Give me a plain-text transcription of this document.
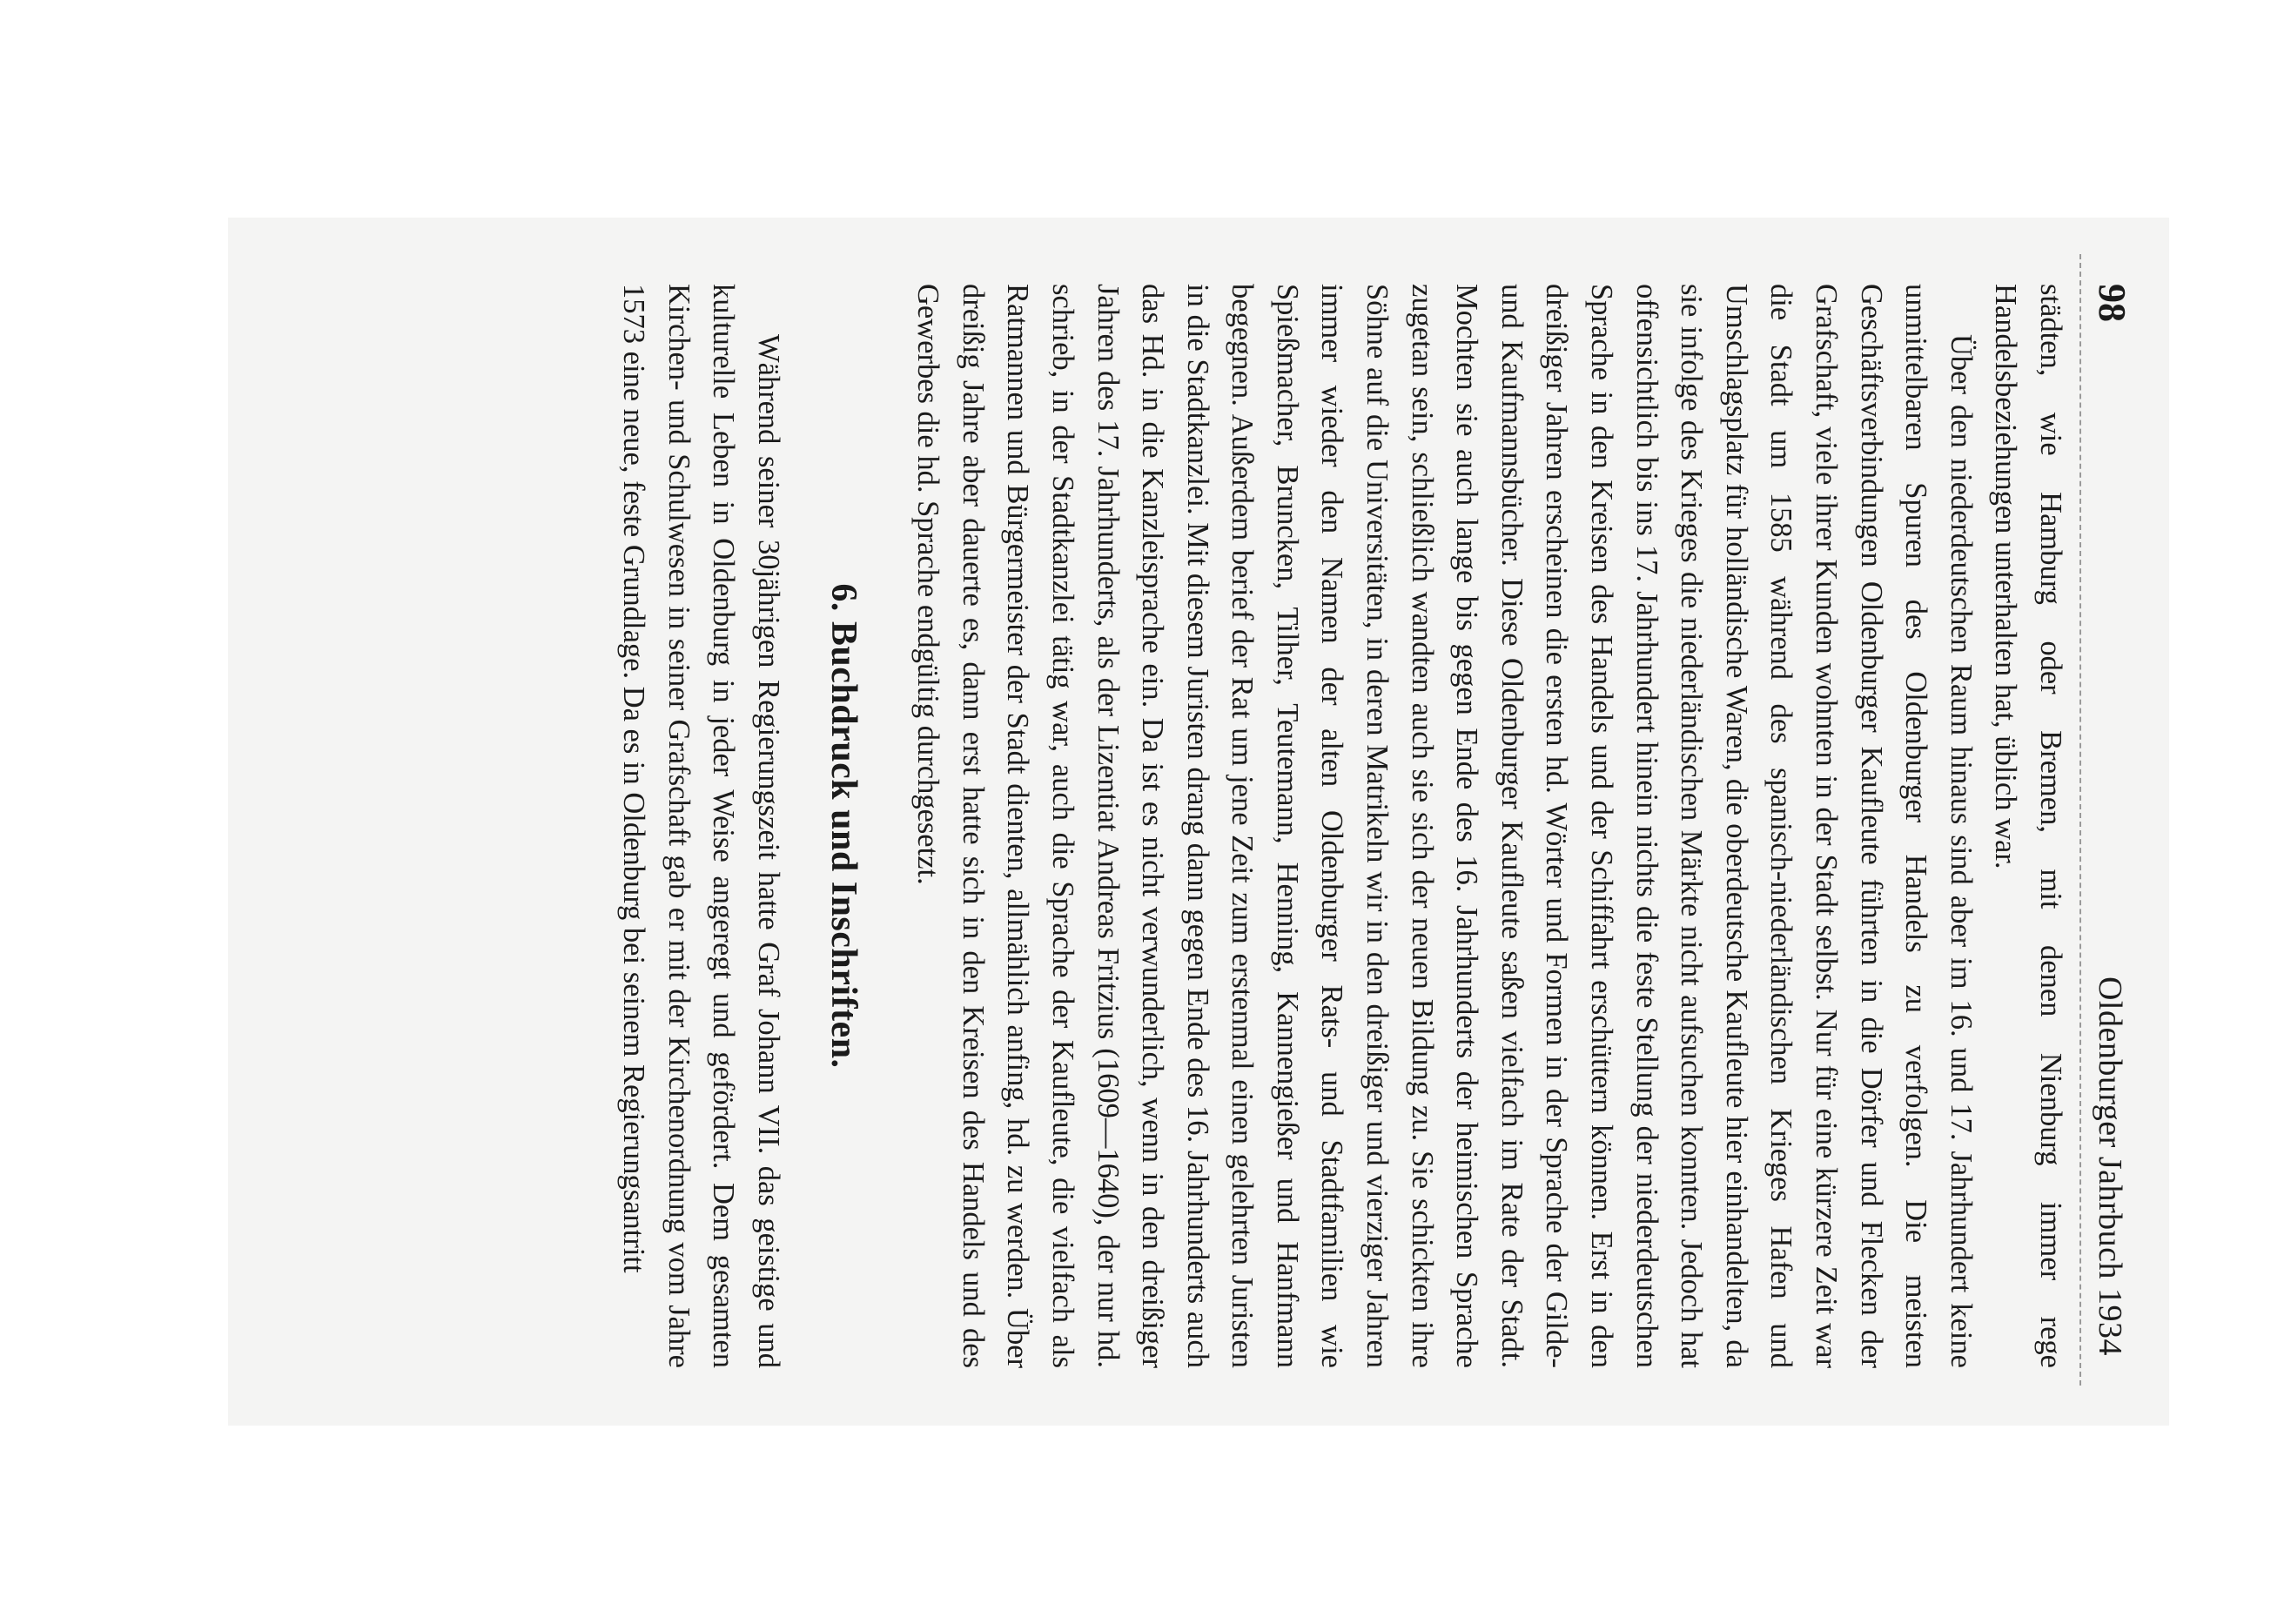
98
Oldenburger Jahrbuch 1934

städten, wie Hamburg oder Bremen, mit denen Nienburg immer rege Handelsbeziehungen unterhalten hat, üblich war.

Über den niederdeutschen Raum hinaus sind aber im 16. und 17. Jahrhundert keine unmittelbaren Spuren des Oldenburger Handels zu verfolgen. Die meisten Geschäftsverbindungen Oldenburger Kaufleute führten in die Dörfer und Flecken der Grafschaft, viele ihrer Kunden wohnten in der Stadt selbst. Nur für eine kürzere Zeit war die Stadt um 1585 während des spanisch-niederländischen Krieges Hafen und Umschlagsplatz für holländische Waren, die oberdeutsche Kaufleute hier einhandelten, da sie infolge des Krieges die niederländischen Märkte nicht aufsuchen konnten. Jedoch hat offensichtlich bis ins 17. Jahrhundert hinein nichts die feste Stellung der niederdeutschen Sprache in den Kreisen des Handels und der Schiffahrt erschüttern können. Erst in den dreißiger Jahren erscheinen die ersten hd. Wörter und Formen in der Sprache der Gilde- und Kaufmannsbücher. Diese Oldenburger Kaufleute saßen vielfach im Rate der Stadt. Mochten sie auch lange bis gegen Ende des 16. Jahrhunderts der heimischen Sprache zugetan sein, schließlich wandten auch sie sich der neuen Bildung zu. Sie schickten ihre Söhne auf die Universitäten, in deren Matrikeln wir in den dreißiger und vierziger Jahren immer wieder den Namen der alten Oldenburger Rats- und Stadtfamilien wie Spießmacher, Bruncken, Tilher, Teutemann, Henning, Kannengießer und Hanfmann begegnen. Außerdem berief der Rat um jene Zeit zum erstenmal einen gelehrten Juristen in die Stadtkanzlei. Mit diesem Juristen drang dann gegen Ende des 16. Jahrhunderts auch das Hd. in die Kanzleisprache ein. Da ist es nicht verwunderlich, wenn in den dreißiger Jahren des 17. Jahrhunderts, als der Lizentiat Andreas Fritzius (1609—1640), der nur hd. schrieb, in der Stadtkanzlei tätig war, auch die Sprache der Kaufleute, die vielfach als Ratmannen und Bürgermeister der Stadt dienten, allmählich anfing, hd. zu werden. Über dreißig Jahre aber dauerte es, dann erst hatte sich in den Kreisen des Handels und des Gewerbes die hd. Sprache endgültig durchgesetzt.

6. Buchdruck und Inschriften.

Während seiner 30jährigen Regierungszeit hatte Graf Johann VII. das geistige und kulturelle Leben in Oldenburg in jeder Weise angeregt und gefördert. Dem gesamten Kirchen- und Schulwesen in seiner Grafschaft gab er mit der Kirchenordnung vom Jahre 1573 eine neue, feste Grundlage. Da es in Oldenburg bei seinem Regierungsantritt
